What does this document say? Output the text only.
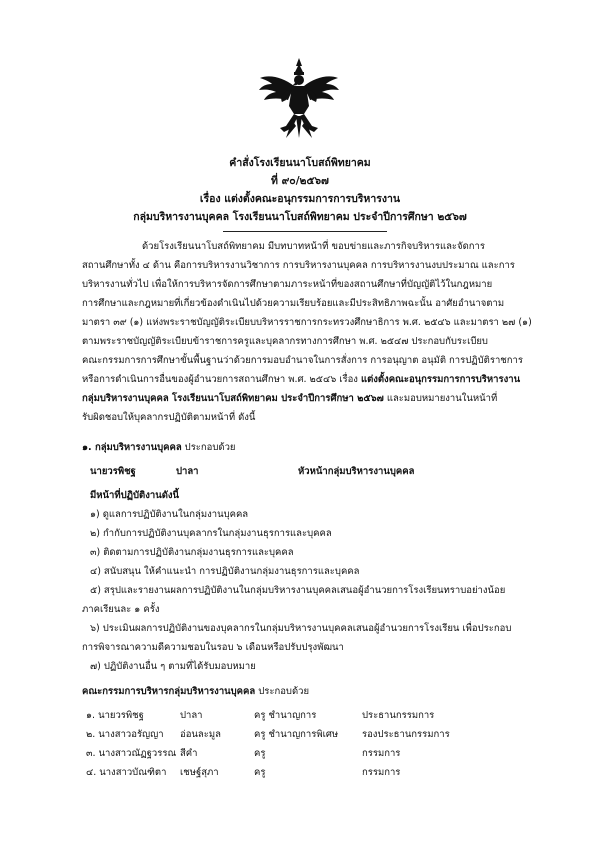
คำสั่งโรงเรียนนาโบสถ์พิทยาคม
ที่ ๙๐/๒๕๖๗
เรื่อง แต่งตั้งคณะอนุกรรมการการบริหารงาน
กลุ่มบริหารงานบุคคล โรงเรียนนาโบสถ์พิทยาคม ประจำปีการศึกษา ๒๕๖๗
ด้วยโรงเรียนนาโบสถ์พิทยาคม มีบทบาทหน้าที่ ขอบข่ายและภารกิจบริหารและจัดการ
สถานศึกษาทั้ง ๔ ด้าน คือการบริหารงานวิชาการ การบริหารงานบุคคล การบริหารงานงบประมาณ และการ
บริหารงานทั่วไป เพื่อให้การบริหารจัดการศึกษาตามภาระหน้าที่ของสถานศึกษาที่บัญญัติไว้ในกฎหมาย
การศึกษาและกฎหมายที่เกี่ยวข้องดำเนินไปด้วยความเรียบร้อยและมีประสิทธิภาพฉะนั้น อาศัยอำนาจตาม
มาตรา ๓๙ (๑) แห่งพระราชบัญญัติระเบียบบริหารราชการกระทรวงศึกษาธิการ พ.ศ. ๒๕๔๖ และมาตรา ๒๗ (๑)
ตามพระราชบัญญัติระเบียบข้าราชการครูและบุคลากรทางการศึกษา พ.ศ. ๒๕๔๗ ประกอบกับระเบียบ
คณะกรรมการการศึกษาขั้นพื้นฐานว่าด้วยการมอบอำนาจในการสั่งการ การอนุญาต อนุมัติ การปฏิบัติราชการ
หรือการดำเนินการอื่นของผู้อำนวยการสถานศึกษา พ.ศ. ๒๕๔๖ เรื่อง แต่งตั้งคณะอนุกรรมการการบริหารงาน
กลุ่มบริหารงานบุคคล โรงเรียนนาโบสถ์พิทยาคม ประจำปีการศึกษา ๒๕๖๗ และมอบหมายงานในหน้าที่
รับผิดชอบให้บุคลากรปฏิบัติตามหน้าที่ ดังนี้
๑. กลุ่มบริหารงานบุคคล ประกอบด้วย
นายวรพิชฐ	ปาลา	หัวหน้ากลุ่มบริหารงานบุคคล
มีหน้าที่ปฏิบัติงานดังนี้
๑) ดูแลการปฏิบัติงานในกลุ่มงานบุคคล
๒) กำกับการปฏิบัติงานบุคลากรในกลุ่มงานธุรการและบุคคล
๓) ติดตามการปฏิบัติงานกลุ่มงานธุรการและบุคคล
๔) สนับสนุน ให้คำแนะนำ การปฏิบัติงานกลุ่มงานธุรการและบุคคล
๕) สรุปและรายงานผลการปฏิบัติงานในกลุ่มบริหารงานบุคคลเสนอผู้อำนวยการโรงเรียนทราบอย่างน้อย
ภาคเรียนละ ๑ ครั้ง
๖) ประเมินผลการปฏิบัติงานของบุคลากรในกลุ่มบริหารงานบุคคลเสนอผู้อำนวยการโรงเรียน เพื่อประกอบ
การพิจารณาความดีความชอบในรอบ ๖ เดือนหรือปรับปรุงพัฒนา
๗) ปฏิบัติงานอื่น ๆ ตามที่ได้รับมอบหมาย
คณะกรรมการบริหารกลุ่มบริหารงานบุคคล ประกอบด้วย
๑. นายวรพิชฐ	ปาลา	ครู ชำนาญการ	ประธานกรรมการ
๒. นางสาวอรัญญา อ่อนละมูล	ครู ชำนาญการพิเศษ	รองประธานกรรมการ
๓. นางสาวณัฏฐวรรณ สีคำ	ครู	กรรมการ
๔. นางสาวบัณฑิตา เชษฐ์สุภา	ครู	กรรมการ
